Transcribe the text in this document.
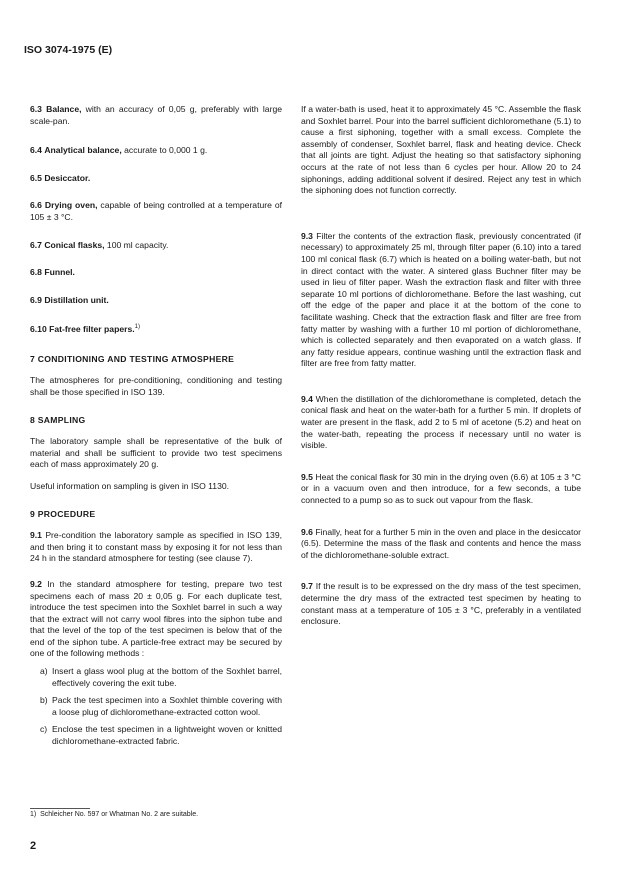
ISO 3074-1975 (E)

6.3 Balance, with an accuracy of 0,05 g, preferably with large scale-pan.

6.4 Analytical balance, accurate to 0,000 1 g.

6.5 Desiccator.

6.6 Drying oven, capable of being controlled at a temperature of 105 ± 3 °C.

6.7 Conical flasks, 100 ml capacity.

6.8 Funnel.

6.9 Distillation unit.

6.10 Fat-free filter papers.$^{1)}$

7 CONDITIONING AND TESTING ATMOSPHERE

The atmospheres for pre-conditioning, conditioning and testing shall be those specified in ISO 139.

8 SAMPLING

The laboratory sample shall be representative of the bulk of material and shall be sufficient to provide two test specimens each of mass approximately 20 g.

Useful information on sampling is given in ISO 1130.

9 PROCEDURE

9.1 Pre-condition the laboratory sample as specified in ISO 139, and then bring it to constant mass by exposing it for not less than 24 h in the standard atmosphere for testing (see clause 7).

9.2 In the standard atmosphere for testing, prepare two test specimens each of mass 20 ± 0,05 g. For each duplicate test, introduce the test specimen into the Soxhlet barrel in such a way that the extract will not carry wool fibres into the siphon tube and that the level of the top of the test specimen is below that of the end of the siphon tube. A particle-free extract may be secured by one of the following methods :

a) Insert a glass wool plug at the bottom of the Soxhlet barrel, effectively covering the exit tube.

b) Pack the test specimen into a Soxhlet thimble covering with a loose plug of dichloromethane-extracted cotton wool.

c) Enclose the test specimen in a lightweight woven or knitted dichloromethane-extracted fabric.

If a water-bath is used, heat it to approximately 45 °C. Assemble the flask and Soxhlet barrel. Pour into the barrel sufficient dichloromethane (5.1) to cause a first siphoning, together with a small excess. Complete the assembly of condenser, Soxhlet barrel, flask and heating device. Check that all joints are tight. Adjust the heating so that satisfactory siphoning occurs at the rate of not less than 6 cycles per hour. Allow 20 to 24 siphonings, adding additional solvent if desired. Reject any test in which the siphoning does not function correctly.

9.3 Filter the contents of the extraction flask, previously concentrated (if necessary) to approximately 25 ml, through filter paper (6.10) into a tared 100 ml conical flask (6.7) which is heated on a boiling water-bath, but not in direct contact with the water. A sintered glass Buchner filter may be used in lieu of filter paper. Wash the extraction flask and filter with three separate 10 ml portions of dichloromethane. Before the last washing, cut off the edge of the paper and place it at the bottom of the cone to facilitate washing. Check that the extraction flask and filter are free from fatty matter by washing with a further 10 ml portion of dichloromethane, which is collected separately and then evaporated on a watch glass. If any fatty residue appears, continue washing until the extraction flask and filter are free from fatty matter.

9.4 When the distillation of the dichloromethane is completed, detach the conical flask and heat on the water-bath for a further 5 min. If droplets of water are present in the flask, add 2 to 5 ml of acetone (5.2) and heat on the water-bath, repeating the process if necessary until no water is visible.

9.5 Heat the conical flask for 30 min in the drying oven (6.6) at 105 ± 3 °C or in a vacuum oven and then introduce, for a few seconds, a tube connected to a pump so as to suck out vapour from the flask.

9.6 Finally, heat for a further 5 min in the oven and place in the desiccator (6.5). Determine the mass of the flask and contents and hence the mass of the dichloromethane-soluble extract.

9.7 If the result is to be expressed on the dry mass of the test specimen, determine the dry mass of the extracted test specimen by heating to constant mass at a temperature of 105 ± 3 °C, preferably in a ventilated enclosure.

1) Schleicher No. 597 or Whatman No. 2 are suitable.
2
